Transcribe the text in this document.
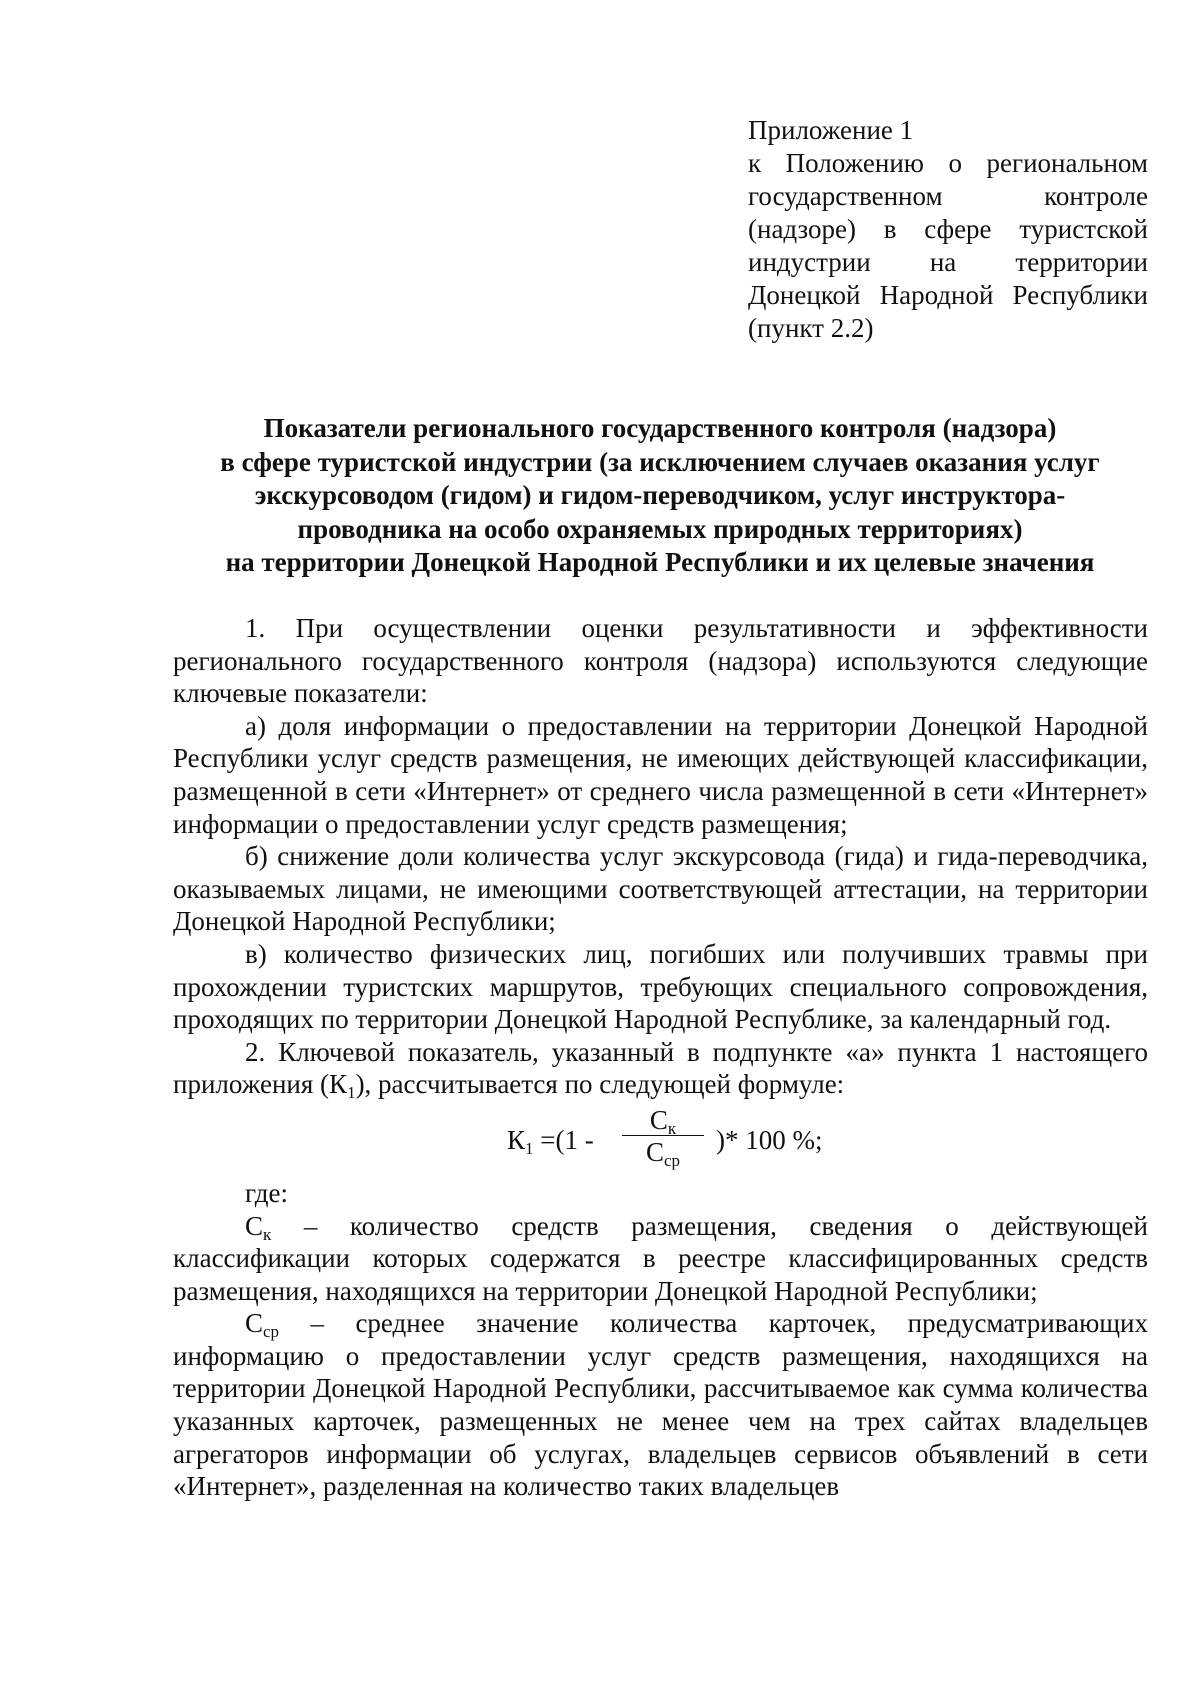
Приложение 1
к Положению о региональном
государственном контроле
(надзоре) в сфере туристской
индустрии на территории
Донецкой Народной Республики
(пункт 2.2)
Показатели регионального государственного контроля (надзора)
в сфере туристской индустрии (за исключением случаев оказания услуг
экскурсоводом (гидом) и гидом-переводчиком, услуг инструктора-
проводника на особо охраняемых природных территориях)
на территории Донецкой Народной Республики и их целевые значения

1. При осуществлении оценки результативности и эффективности регионального государственного контроля (надзора) используются следующие ключевые показатели:

а) доля информации о предоставлении на территории Донецкой Народной Республики услуг средств размещения, не имеющих действующей классификации, размещенной в сети «Интернет» от среднего числа размещенной в сети «Интернет» информации о предоставлении услуг средств размещения;

б) снижение доли количества услуг экскурсовода (гида) и гида-переводчика, оказываемых лицами, не имеющими соответствующей аттестации, на территории Донецкой Народной Республики;

в) количество физических лиц, погибших или получивших травмы при прохождении туристских маршрутов, требующих специального сопровождения, проходящих по территории Донецкой Народной Республике, за календарный год.

2. Ключевой показатель, указанный в подпункте «а» пункта 1 настоящего приложения $(К_1)$, рассчитывается по следующей формуле:

$К_1 =(1$ -
$С_к$
$С_{ср}$
)* 100 %;

где:

$С_к$ – количество средств размещения, сведения о действующей классификации которых содержатся в реестре классифицированных средств размещения, находящихся на территории Донецкой Народной Республики;

$С_{ср}$ – среднее значение количества карточек, предусматривающих информацию о предоставлении услуг средств размещения, находящихся на территории Донецкой Народной Республики, рассчитываемое как сумма количества указанных карточек, размещенных не менее чем на трех сайтах владельцев агрегаторов информации об услугах, владельцев сервисов объявлений в сети «Интернет», разделенная на количество таких владельцев
